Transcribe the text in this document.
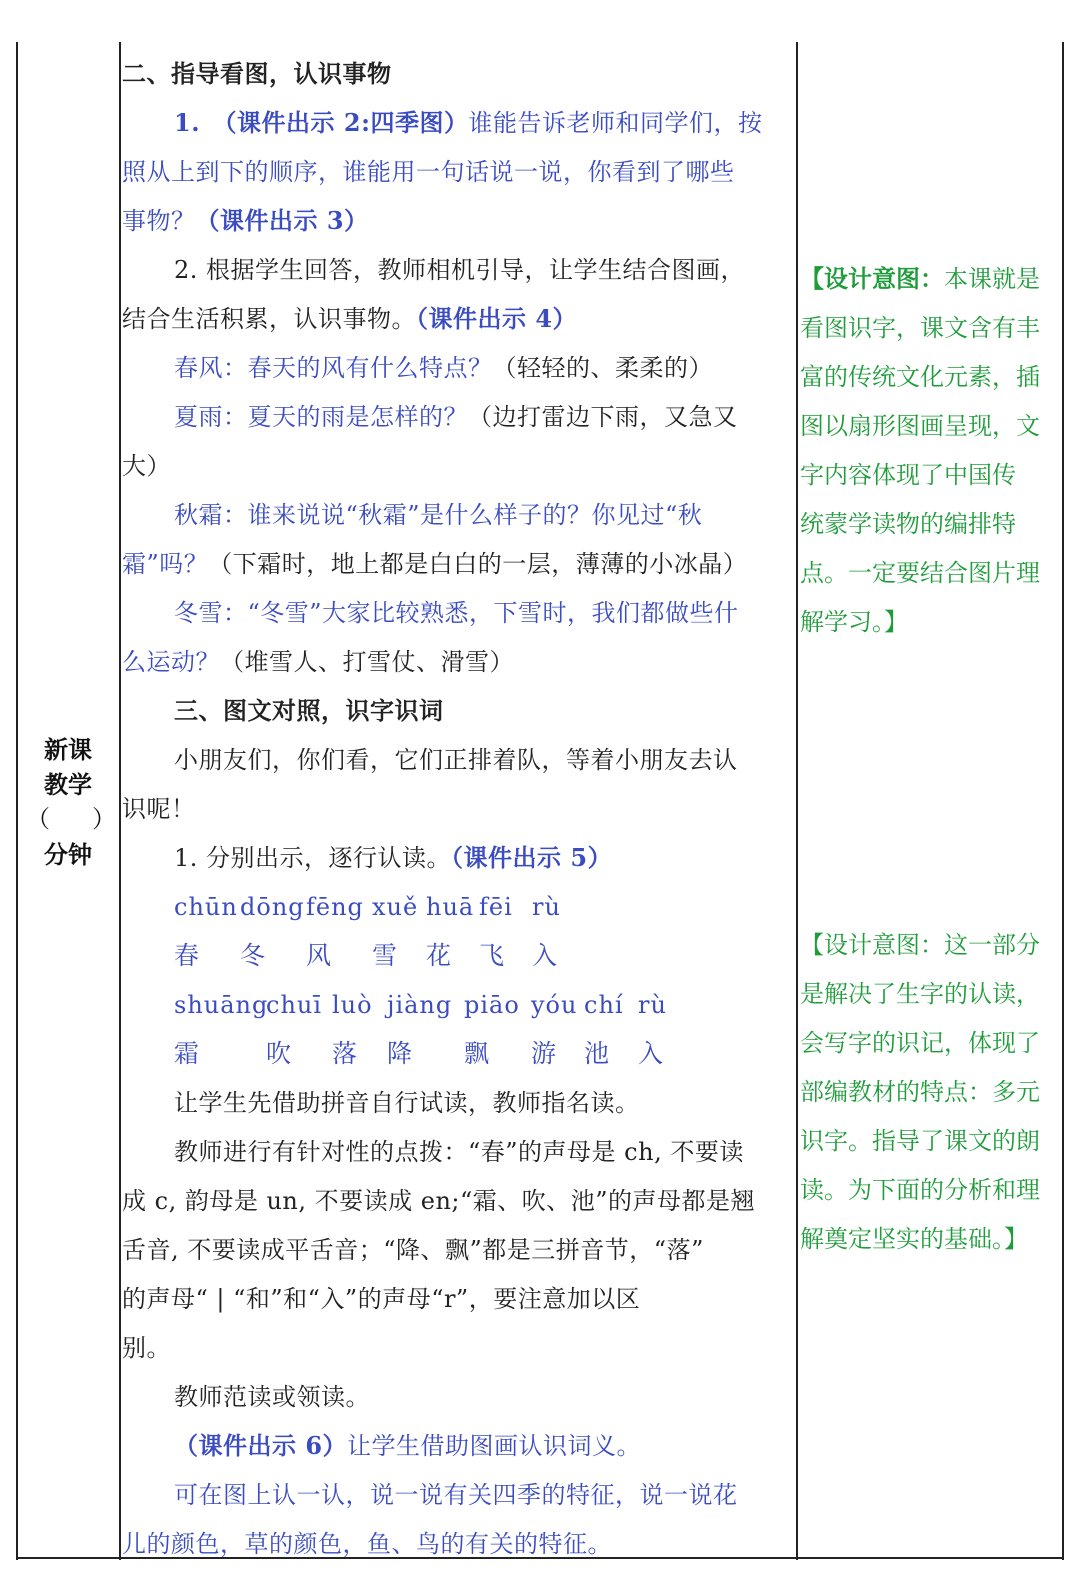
新课
教学
（ ）
分钟
二、指导看图，认识事物
1.　（课件出示 2:四季图）谁能告诉老师和同学们，按
照从上到下的顺序，谁能用一句话说一说，你看到了哪些
事物？（课件出示 3）
2. 根据学生回答，教师相机引导，让学生结合图画，
结合生活积累，认识事物。（课件出示 4）
春风：春天的风有什么特点？（轻轻的、柔柔的）
夏雨：夏天的雨是怎样的？（边打雷边下雨，又急又
大）
秋霜：谁来说说“秋霜”是什么样子的？你见过“秋
霜”吗？（下霜时，地上都是白白的一层，薄薄的小冰晶）
冬雪：“冬雪”大家比较熟悉，下雪时，我们都做些什
么运动？（堆雪人、打雪仗、滑雪）
三、图文对照，识字识词
小朋友们，你们看，它们正排着队，等着小朋友去认
识呢！
1. 分别出示，逐行认读。（课件出示 5）
chūn dōng fēng xuě huā fēi rù
春 冬 风 雪 花 飞 入
shuāng
chuī luò jiàng piāo yóu chí rù
霜	吹 落 降 飘 游 池 入
让学生先借助拼音自行试读，教师指名读。
教师进行有针对性的点拨：“春”的声母是 ch, 不要读
成 c, 韵母是 un, 不要读成 en;“霜、吹、池”的声母都是翘
舌音, 不要读成平舌音；“降、飘”都是三拼音节，“落”
的声母“ | “和”和“入”的声母“r”，要注意加以区
别。
教师范读或领读。
（课件出示 6）让学生借助图画认识词义。
可在图上认一认，说一说有关四季的特征，说一说花
儿的颜色，草的颜色，鱼、鸟的有关的特征。
【设计意图：本课就是
看图识字，课文含有丰
富的传统文化元素，插
图以扇形图画呈现，文
字内容体现了中国传
统蒙学读物的编排特
点。一定要结合图片理
解学习。】
【设计意图：这一部分
是解决了生字的认读，
会写字的识记，体现了
部编教材的特点：多元
识字。指导了课文的朗
读。为下面的分析和理
解奠定坚实的基础。】
